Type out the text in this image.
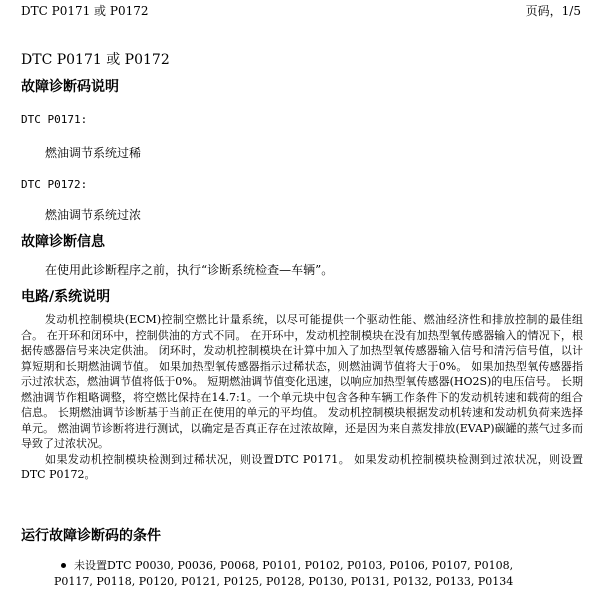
DTC P0171 或 P0172	页码，1/5
DTC P0171 或 P0172
故障诊断码说明

DTC P0171:

燃油调节系统过稀

DTC P0172:

燃油调节系统过浓

故障诊断信息

在使用此诊断程序之前，执行“诊断系统检查—车辆”。

电路/系统说明

发动机控制模块(ECM)控制空燃比计量系统，以尽可能提供一个驱动性能、燃油经济性和排放控制的最佳组合。 在开环和闭环中，控制供油的方式不同。 在开环中，发动机控制模块在没有加热型氧传感器输入的情况下，根据传感器信号来决定供油。 闭环时，发动机控制模块在计算中加入了加热型氧传感器输入信号和清污信号值，以计算短期和长期燃油调节值。 如果加热型氧传感器指示过稀状态，则燃油调节值将大于0%。 如果加热型氧传感器指示过浓状态，燃油调节值将低于0%。 短期燃油调节值变化迅速，以响应加热型氧传感器(HO2S)的电压信号。 长期燃油调节作粗略调整，将空燃比保持在14.7:1。一个单元块中包含各种车辆工作条件下的发动机转速和载荷的组合信息。 长期燃油调节诊断基于当前正在使用的单元的平均值。 发动机控制模块根据发动机转速和发动机负荷来选择单元。 燃油调节诊断将进行测试，以确定是否真正存在过浓故障，还是因为来自蒸发排放(EVAP)碳罐的蒸气过多而导致了过浓状况。
如果发动机控制模块检测到过稀状况，则设置DTC P0171。 如果发动机控制模块检测到过浓状况，则设置DTC P0172。

运行故障诊断码的条件

未设置DTC P0030, P0036, P0068, P0101, P0102, P0103, P0106, P0107, P0108,

P0117, P0118, P0120, P0121, P0125, P0128, P0130, P0131, P0132, P0133, P0134
